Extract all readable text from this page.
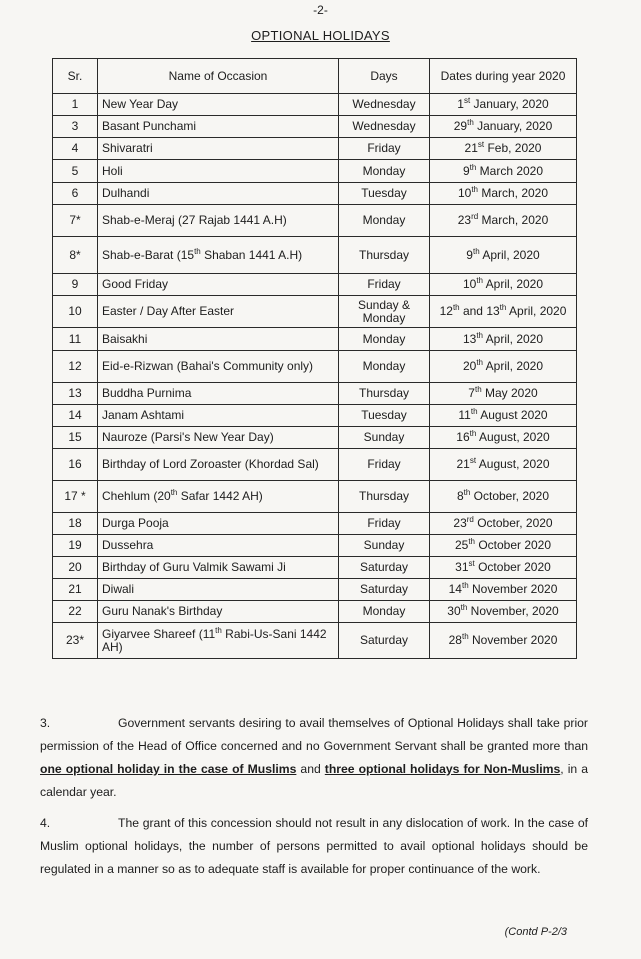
-2-
OPTIONAL HOLIDAYS
Sr.	Name of Occasion	Days	Dates during year 2020
1	New Year Day	Wednesday	1st January, 2020
3	Basant Punchami	Wednesday	29th January, 2020
4	Shivaratri	Friday	21st Feb, 2020
5	Holi	Monday	9th March 2020
6	Dulhandi	Tuesday	10th March, 2020
7*	Shab-e-Meraj (27 Rajab 1441 A.H)	Monday	23rd March, 2020
8*	Shab-e-Barat (15th Shaban 1441 A.H)	Thursday	9th April, 2020
9	Good Friday	Friday	10th April, 2020
10	Easter / Day After Easter	Sunday & Monday	12th and 13th April, 2020
11	Baisakhi	Monday	13th April, 2020
12	Eid-e-Rizwan (Bahai's Community only)	Monday	20th April, 2020
13	Buddha Purnima	Thursday	7th May 2020
14	Janam Ashtami	Tuesday	11th August 2020
15	Nauroze (Parsi's New Year Day)	Sunday	16th August, 2020
16	Birthday of Lord Zoroaster (Khordad Sal)	Friday	21st August, 2020
17 *	Chehlum (20th Safar 1442 AH)	Thursday	8th October, 2020
18	Durga Pooja	Friday	23rd October, 2020
19	Dussehra	Sunday	25th October 2020
20	Birthday of Guru Valmik Sawami Ji	Saturday	31st October 2020
21	Diwali	Saturday	14th November 2020
22	Guru Nanak's Birthday	Monday	30th November, 2020
23*	Giyarvee Shareef (11th Rabi-Us-Sani 1442 AH)	Saturday	28th November 2020
3.	Government servants desiring to avail themselves of Optional Holidays shall take prior permission of the Head of Office concerned and no Government Servant shall be granted more than one optional holiday in the case of Muslims and three optional holidays for Non-Muslims, in a calendar year.
4.	The grant of this concession should not result in any dislocation of work. In the case of Muslim optional holidays, the number of persons permitted to avail optional holidays should be regulated in a manner so as to adequate staff is available for proper continuance of the work.
(Contd P-2/3
